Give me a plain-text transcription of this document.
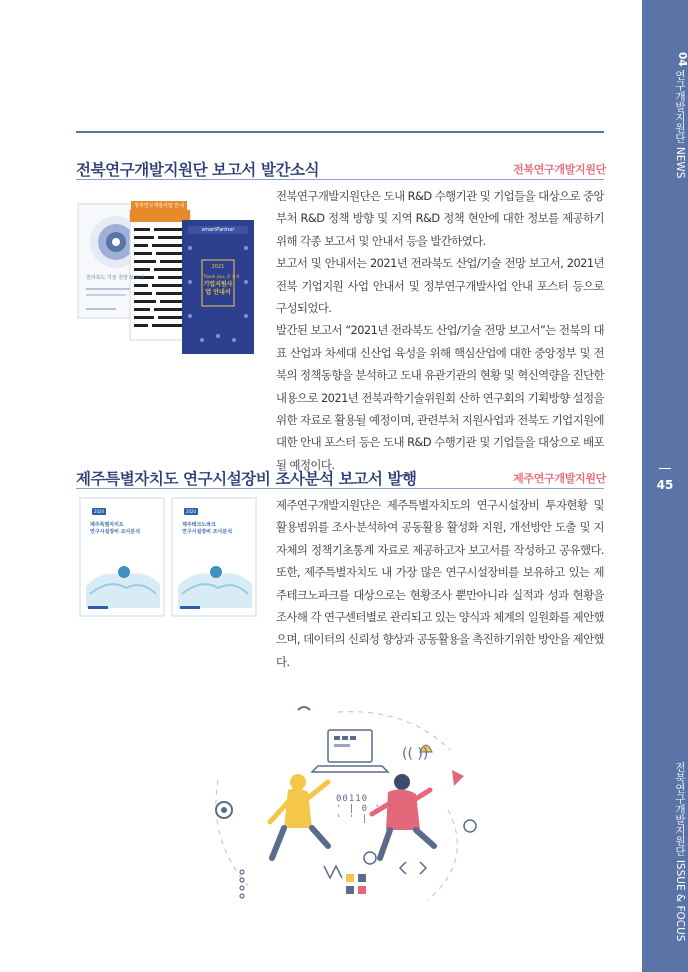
04
연구개발지원단 NEWS
45
전북연구개발지원단 ISSUE & FOCUS
전북연구개발지원단 보고서 발간소식	전북연구개발지원단
정부연구개발사업 안내
전라북도 기술 전망 보고서
smartPartner
2021
Thank you, 잘 할게
기업지원사업 안내서

전북연구개발지원단은 도내 R&D 수행기관 및 기업들을 대상으로 중앙부처 R&D 정책 방향 및 지역 R&D 정책 현안에 대한 정보를 제공하기 위해 각종 보고서 및 안내서 등을 발간하였다.

보고서 및 안내서는 2021년 전라북도 산업/기술 전망 보고서, 2021년 전북 기업지원 사업 안내서 및 정부연구개발사업 안내 포스터 등으로 구성되었다.

발간된 보고서 “2021년 전라북도 산업/기술 전망 보고서”는 전북의 대표 산업과 차세대 신산업 육성을 위해 핵심산업에 대한 중앙정부 및 전북의 정책동향을 분석하고 도내 유관기관의 현황 및 혁신역량을 진단한 내용으로 2021년 전북과학기술위원회 산하 연구회의 기획방향 설정을 위한 자료로 활용될 예정이며, 관련부처 지원사업과 전북도 기업지원에 대한 안내 포스터 등은 도내 R&D 수행기관 및 기업들을 대상으로 배포될 예정이다.

제주특별자치도 연구시설장비 조사분석 보고서 발행	제주연구개발지원단
2020	2020
제주특별자치도
연구시설장비 조사분석
제주테크노파크
연구시설장비 조사분석

제주연구개발지원단은 제주특별자치도의 연구시설장비 투자현황 및 활용범위를 조사·분석하여 공동활용 활성화 지원, 개선방안 도출 및 지자체의 정책기초통계 자료로 제공하고자 보고서를 작성하고 공유했다. 또한, 제주특별자치도 내 가장 많은 연구시설장비를 보유하고 있는 제주테크노파크를 대상으로는 현황조사 뿐만아니라 실적과 성과 현황을 조사해 각 연구센터별로 관리되고 있는 양식과 체계의 일원화를 제안했으며, 데이터의 신뢰성 향상과 공동활용을 촉진하기위한 방안을 제안했다.

(( ))
00110
' | 0 ' '
' ' |
